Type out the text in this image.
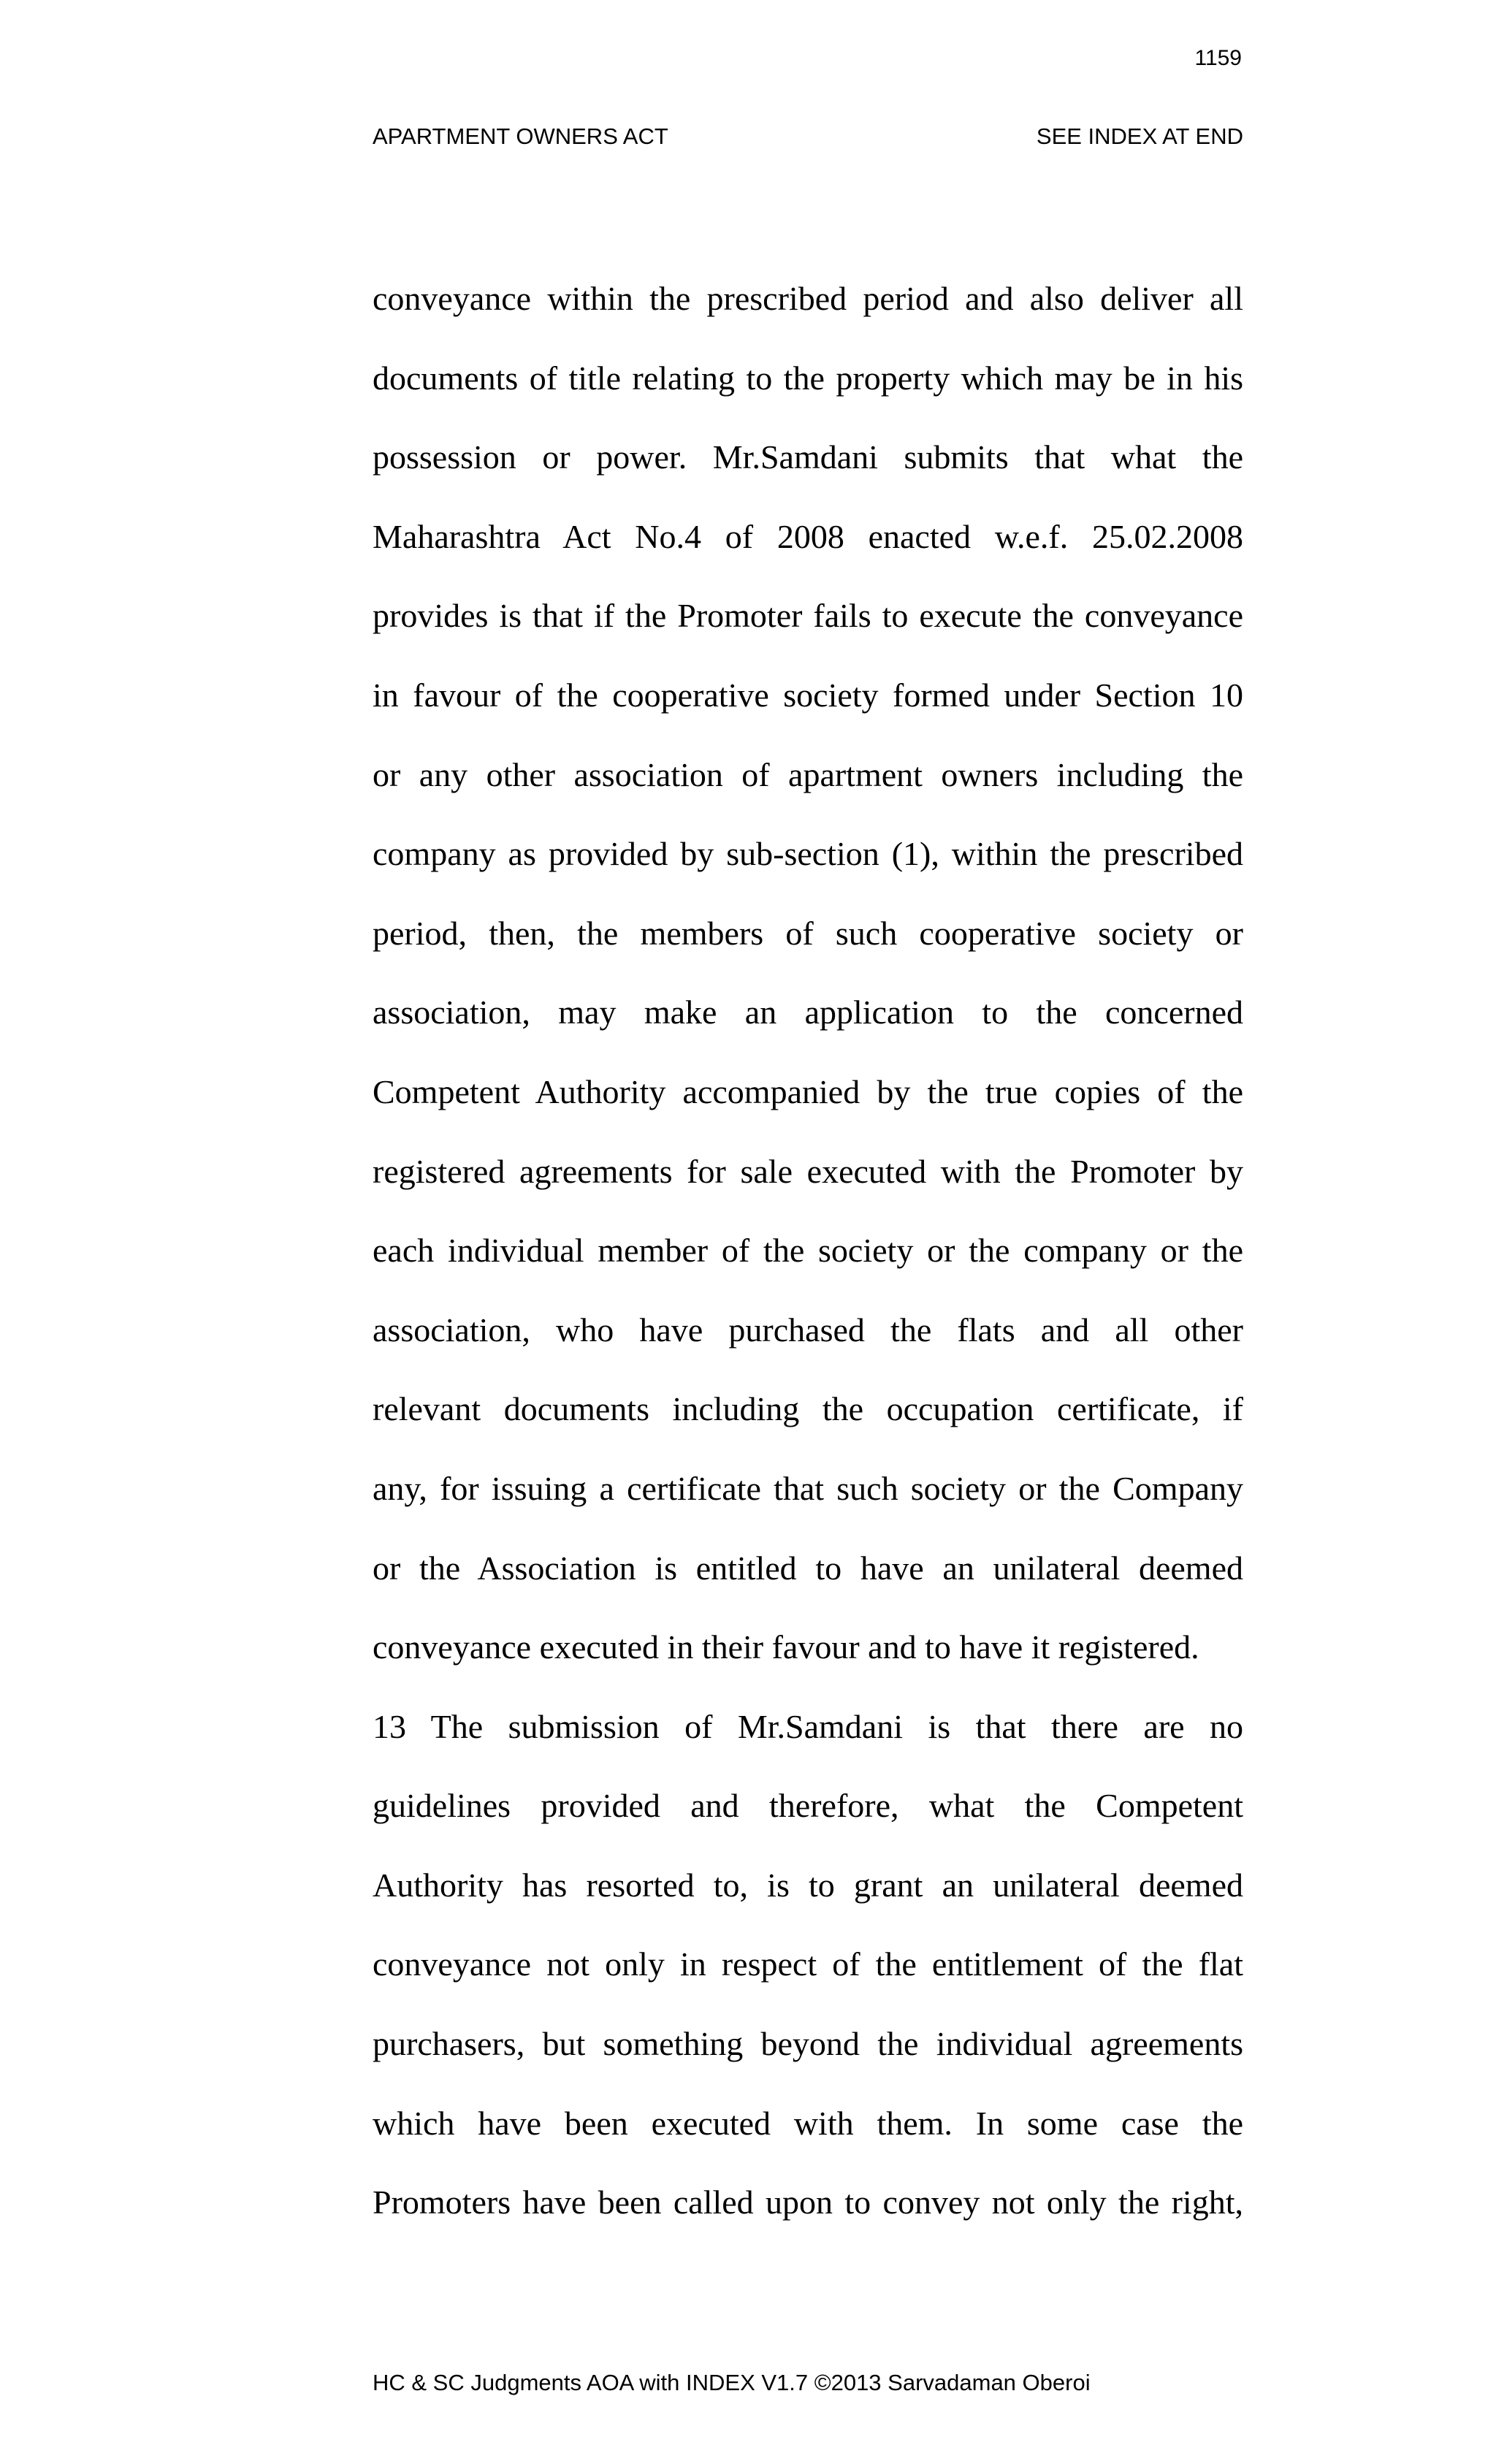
1159
APARTMENT OWNERS ACT	SEE INDEX AT END
conveyance within the prescribed period and also deliver all
documents of title relating to the property which may be in his
possession or power. Mr.Samdani submits that what the
Maharashtra Act No.4 of 2008 enacted w.e.f. 25.02.2008
provides is that if the Promoter fails to execute the conveyance
in favour of the cooperative society formed under Section 10
or any other association of apartment owners including the
company as provided by sub-section (1), within the prescribed
period, then, the members of such cooperative society or
association, may make an application to the concerned
Competent Authority accompanied by the true copies of the
registered agreements for sale executed with the Promoter by
each individual member of the society or the company or the
association, who have purchased the flats and all other
relevant documents including the occupation certificate, if
any, for issuing a certificate that such society or the Company
or the Association is entitled to have an unilateral deemed
conveyance executed in their favour and to have it registered.
13 The submission of Mr.Samdani is that there are no
guidelines provided and therefore, what the Competent
Authority has resorted to, is to grant an unilateral deemed
conveyance not only in respect of the entitlement of the flat
purchasers, but something beyond the individual agreements
which have been executed with them. In some case the
Promoters have been called upon to convey not only the right,
HC & SC Judgments AOA with INDEX V1.7 ©2013 Sarvadaman Oberoi
